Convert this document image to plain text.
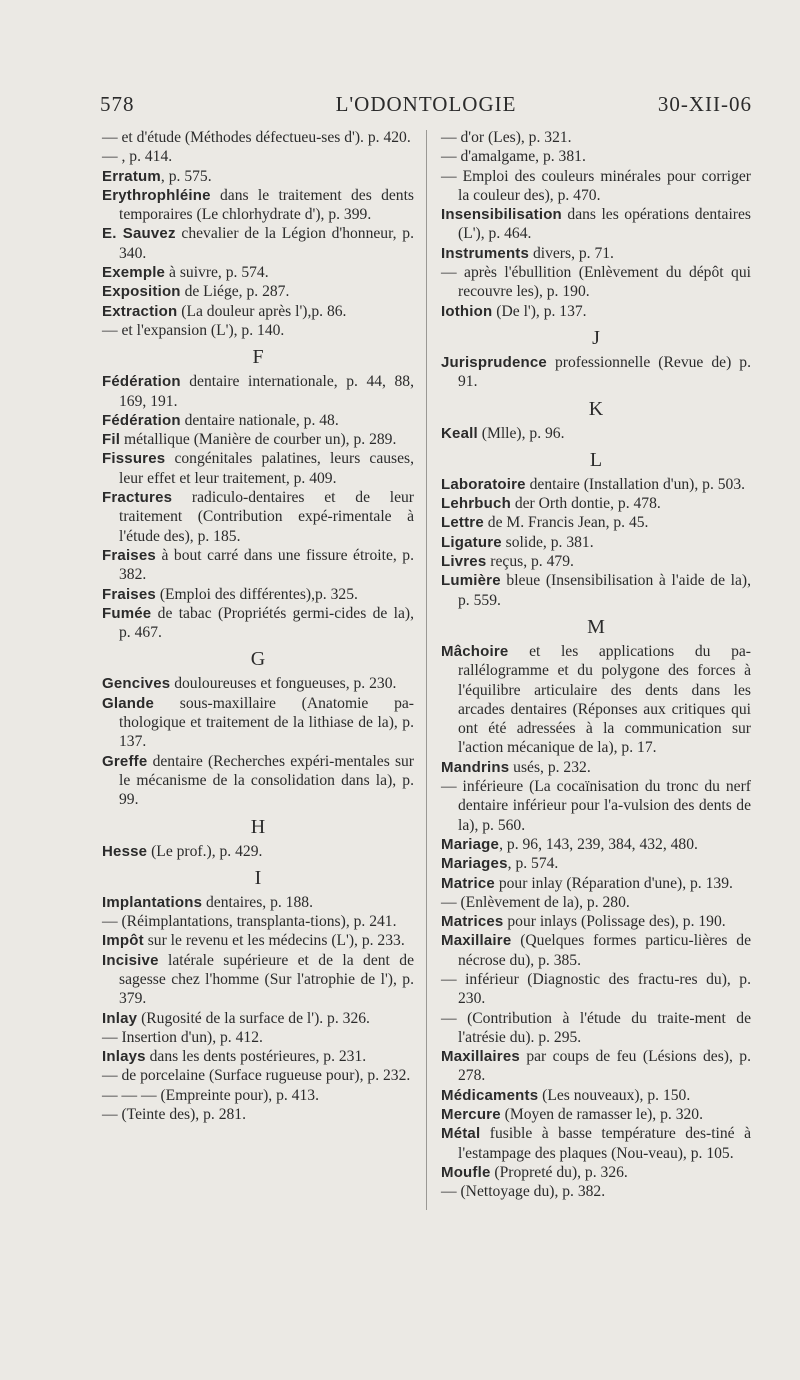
578	L'ODONTOLOGIE	30-XII-06
— et d'étude (Méthodes défectueu-ses d'). p. 420.
— , p. 414.
Erratum, p. 575.
Erythrophléine dans le traitement des dents temporaires (Le chlorhydrate d'), p. 399.
E. Sauvez chevalier de la Légion d'honneur, p. 340.
Exemple à suivre, p. 574.
Exposition de Liége, p. 287.
Extraction (La douleur après l'),p. 86.
— et l'expansion (L'), p. 140.
F
Fédération dentaire internationale, p. 44, 88, 169, 191.
Fédération dentaire nationale, p. 48.
Fil métallique (Manière de courber un), p. 289.
Fissures congénitales palatines, leurs causes, leur effet et leur traitement, p. 409.
Fractures radiculo-dentaires et de leur traitement (Contribution expé-rimentale à l'étude des), p. 185.
Fraises à bout carré dans une fissure étroite, p. 382.
Fraises (Emploi des différentes),p. 325.
Fumée de tabac (Propriétés germi-cides de la), p. 467.
G
Gencives douloureuses et fongueuses, p. 230.
Glande sous-maxillaire (Anatomie pa-thologique et traitement de la lithiase de la), p. 137.
Greffe dentaire (Recherches expéri-mentales sur le mécanisme de la consolidation dans la), p. 99.
H
Hesse (Le prof.), p. 429.
I
Implantations dentaires, p. 188.
— (Réimplantations, transplanta-tions), p. 241.
Impôt sur le revenu et les médecins (L'), p. 233.
Incisive latérale supérieure et de la dent de sagesse chez l'homme (Sur l'atrophie de l'), p. 379.
Inlay (Rugosité de la surface de l'). p. 326.
— Insertion d'un), p. 412.
Inlays dans les dents postérieures, p. 231.
— de porcelaine (Surface rugueuse pour), p. 232.
— — — (Empreinte pour), p. 413.
— (Teinte des), p. 281.
— d'or (Les), p. 321.
— d'amalgame, p. 381.
— Emploi des couleurs minérales pour corriger la couleur des), p. 470.
Insensibilisation dans les opérations dentaires (L'), p. 464.
Instruments divers, p. 71.
— après l'ébullition (Enlèvement du dépôt qui recouvre les), p. 190.
Iothion (De l'), p. 137.
J
Jurisprudence professionnelle (Revue de) p. 91.
K
Keall (Mlle), p. 96.
L
Laboratoire dentaire (Installation d'un), p. 503.
Lehrbuch der Orth dontie, p. 478.
Lettre de M. Francis Jean, p. 45.
Ligature solide, p. 381.
Livres reçus, p. 479.
Lumière bleue (Insensibilisation à l'aide de la), p. 559.
M
Mâchoire et les applications du pa-rallélogramme et du polygone des forces à l'équilibre articulaire des dents dans les arcades dentaires (Réponses aux critiques qui ont été adressées à la communication sur l'action mécanique de la), p. 17.
Mandrins usés, p. 232.
— inférieure (La cocaïnisation du tronc du nerf dentaire inférieur pour l'a-vulsion des dents de la), p. 560.
Mariage, p. 96, 143, 239, 384, 432, 480.
Mariages, p. 574.
Matrice pour inlay (Réparation d'une), p. 139.
— (Enlèvement de la), p. 280.
Matrices pour inlays (Polissage des), p. 190.
Maxillaire (Quelques formes particu-lières de nécrose du), p. 385.
— inférieur (Diagnostic des fractu-res du), p. 230.
— (Contribution à l'étude du traite-ment de l'atrésie du). p. 295.
Maxillaires par coups de feu (Lésions des), p. 278.
Médicaments (Les nouveaux), p. 150.
Mercure (Moyen de ramasser le), p. 320.
Métal fusible à basse température des-tiné à l'estampage des plaques (Nou-veau), p. 105.
Moufle (Propreté du), p. 326.
— (Nettoyage du), p. 382.
